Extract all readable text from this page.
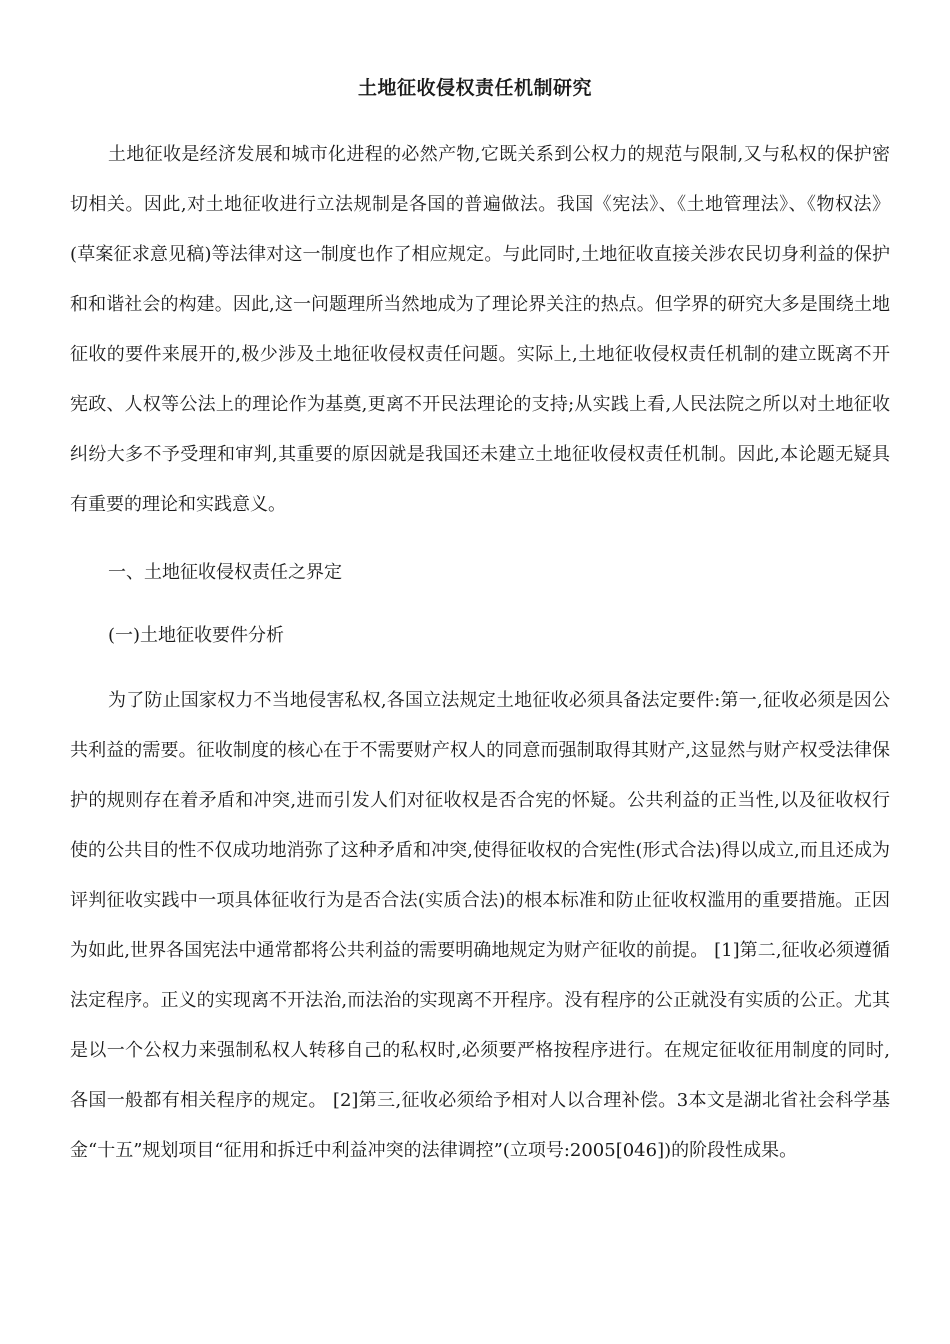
土地征收侵权责任机制研究

土地征收是经济发展和城市化进程的必然产物,它既关系到公权力的规范与限制,又与私权的保护密切相关。因此,对土地征收进行立法规制是各国的普遍做法。我国《宪法》、《土地管理法》、《物权法》(草案征求意见稿)等法律对这一制度也作了相应规定。与此同时,土地征收直接关涉农民切身利益的保护和和谐社会的构建。因此,这一问题理所当然地成为了理论界关注的热点。但学界的研究大多是围绕土地征收的要件来展开的,极少涉及土地征收侵权责任问题。实际上,土地征收侵权责任机制的建立既离不开宪政、人权等公法上的理论作为基奠,更离不开民法理论的支持;从实践上看,人民法院之所以对土地征收纠纷大多不予受理和审判,其重要的原因就是我国还未建立土地征收侵权责任机制。因此,本论题无疑具有重要的理论和实践意义。

一、土地征收侵权责任之界定

(一)土地征收要件分析

为了防止国家权力不当地侵害私权,各国立法规定土地征收必须具备法定要件:第一,征收必须是因公共利益的需要。征收制度的核心在于不需要财产权人的同意而强制取得其财产,这显然与财产权受法律保护的规则存在着矛盾和冲突,进而引发人们对征收权是否合宪的怀疑。公共利益的正当性,以及征收权行使的公共目的性不仅成功地消弥了这种矛盾和冲突,使得征收权的合宪性(形式合法)得以成立,而且还成为评判征收实践中一项具体征收行为是否合法(实质合法)的根本标准和防止征收权滥用的重要措施。正因为如此,世界各国宪法中通常都将公共利益的需要明确地规定为财产征收的前提。 [1]第二,征收必须遵循法定程序。正义的实现离不开法治,而法治的实现离不开程序。没有程序的公正就没有实质的公正。尤其是以一个公权力来强制私权人转移自己的私权时,必须要严格按程序进行。在规定征收征用制度的同时,各国一般都有相关程序的规定。 [2]第三,征收必须给予相对人以合理补偿。3本文是湖北省社会科学基金“十五”规划项目“征用和拆迁中利益冲突的法律调控”(立项号:2005[046])的阶段性成果。
